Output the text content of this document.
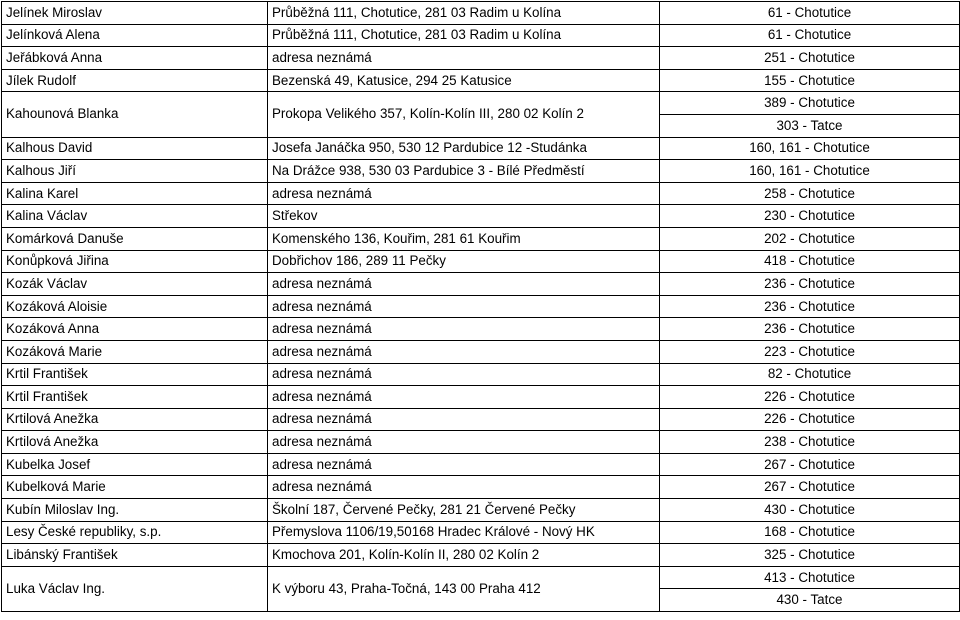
Jelínek Miroslav	Průběžná 111, Chotutice, 281 03 Radim u Kolína	61 - Chotutice
Jelínková Alena	Průběžná 111, Chotutice, 281 03 Radim u Kolína	61 - Chotutice
Jeřábková Anna	adresa neznámá	251 - Chotutice
Jílek Rudolf	Bezenská 49, Katusice, 294 25 Katusice	155 - Chotutice
Kahounová Blanka	Prokopa Velikého 357, Kolín-Kolín III, 280 02 Kolín 2	389 - Chotutice
		303 - Tatce
Kalhous David	Josefa Janáčka 950, 530 12 Pardubice 12 -Studánka	160, 161 - Chotutice
Kalhous Jiří	Na Drážce 938, 530 03 Pardubice 3 - Bílé Předměstí	160, 161 - Chotutice
Kalina Karel	adresa neznámá	258 - Chotutice
Kalina Václav	Střekov	230 - Chotutice
Komárková Danuše	Komenského 136, Kouřim, 281 61 Kouřim	202 - Chotutice
Konůpková Jiřina	Dobřichov 186, 289 11 Pečky	418 - Chotutice
Kozák Václav	adresa neznámá	236 - Chotutice
Kozáková Aloisie	adresa neznámá	236 - Chotutice
Kozáková Anna	adresa neznámá	236 - Chotutice
Kozáková Marie	adresa neznámá	223 - Chotutice
Krtil František	adresa neznámá	82 - Chotutice
Krtil František	adresa neznámá	226 - Chotutice
Krtilová Anežka	adresa neznámá	226 - Chotutice
Krtilová Anežka	adresa neznámá	238 - Chotutice
Kubelka Josef	adresa neznámá	267 - Chotutice
Kubelková Marie	adresa neznámá	267 - Chotutice
Kubín Miloslav Ing.	Školní 187, Červené Pečky, 281 21 Červené Pečky	430 - Chotutice
Lesy České republiky, s.p.	Přemyslova 1106/19,50168 Hradec Králové - Nový HK	168 - Chotutice
Libánský František	Kmochova 201, Kolín-Kolín II, 280 02 Kolín 2	325 - Chotutice
Luka Václav Ing.	K výboru 43, Praha-Točná, 143 00 Praha 412	413 - Chotutice
		430 - Tatce
